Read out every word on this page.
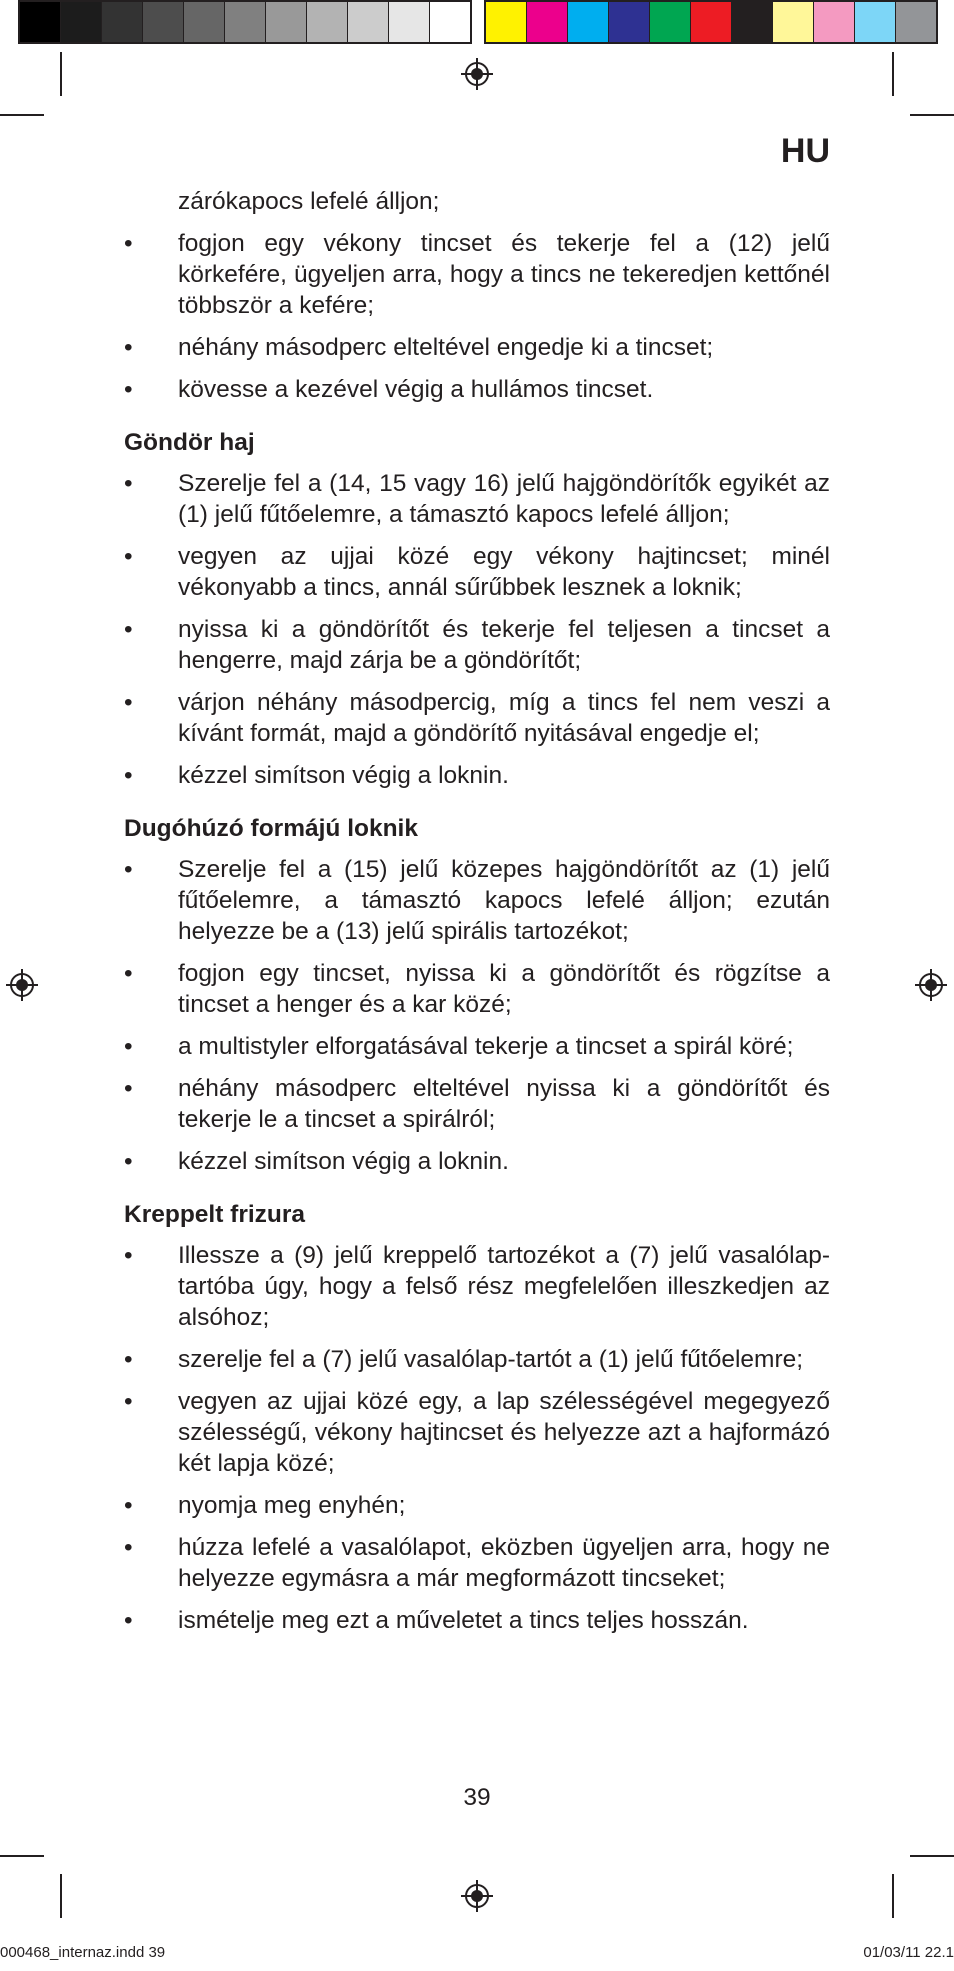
HU
zárókapocs lefelé álljon;
•	fogjon egy vékony tincset és tekerje fel a (12) jelű körkefére, ügyeljen arra, hogy a tincs ne tekeredjen kettőnél többször a kefére;
•	néhány másodperc elteltével engedje ki a tincset;
•	kövesse a kezével végig a hullámos tincset.
Göndör haj
•	Szerelje fel a (14, 15 vagy 16) jelű hajgöndörítők egyikét az (1) jelű fűtőelemre, a támasztó kapocs lefelé álljon;
•	vegyen az ujjai közé egy vékony hajtincset; minél vékonyabb a tincs, annál sűrűbbek lesznek a loknik;
•	nyissa ki a göndörítőt és tekerje fel teljesen a tincset a hengerre, majd zárja be a göndörítőt;
•	várjon néhány másodpercig, míg a tincs fel nem veszi a kívánt formát, majd a göndörítő nyitásával engedje el;
•	kézzel simítson végig a loknin.
Dugóhúzó formájú loknik
•	Szerelje fel a (15) jelű közepes hajgöndörítőt az (1) jelű fűtőelemre, a támasztó kapocs lefelé álljon; ezután helyezze be a (13) jelű spirális tartozékot;
•	fogjon egy tincset, nyissa ki a göndörítőt és rögzítse a tincset a henger és a kar közé;
•	a multistyler elforgatásával tekerje a tincset a spirál köré;
•	néhány másodperc elteltével nyissa ki a göndörítőt és tekerje le a tincset a spirálról;
•	kézzel simítson végig a loknin.
Kreppelt frizura
•	Illessze a (9) jelű kreppelő tartozékot a (7) jelű vasalólap-tartóba úgy, hogy a felső rész megfelelően illeszkedjen az alsóhoz;
•	szerelje fel a (7) jelű vasalólap-tartót a (1) jelű fűtőelemre;
•	vegyen az ujjai közé egy, a lap szélességével megegyező szélességű, vékony hajtincset és helyezze azt a hajformázó két lapja közé;
•	nyomja meg enyhén;
•	húzza lefelé a vasalólapot, eközben ügyeljen arra, hogy ne helyezze egymásra a már megformázott tincseket;
•	ismételje meg ezt a műveletet a tincs teljes hosszán.
39
000468_internaz.indd 39	01/03/11 22.1
